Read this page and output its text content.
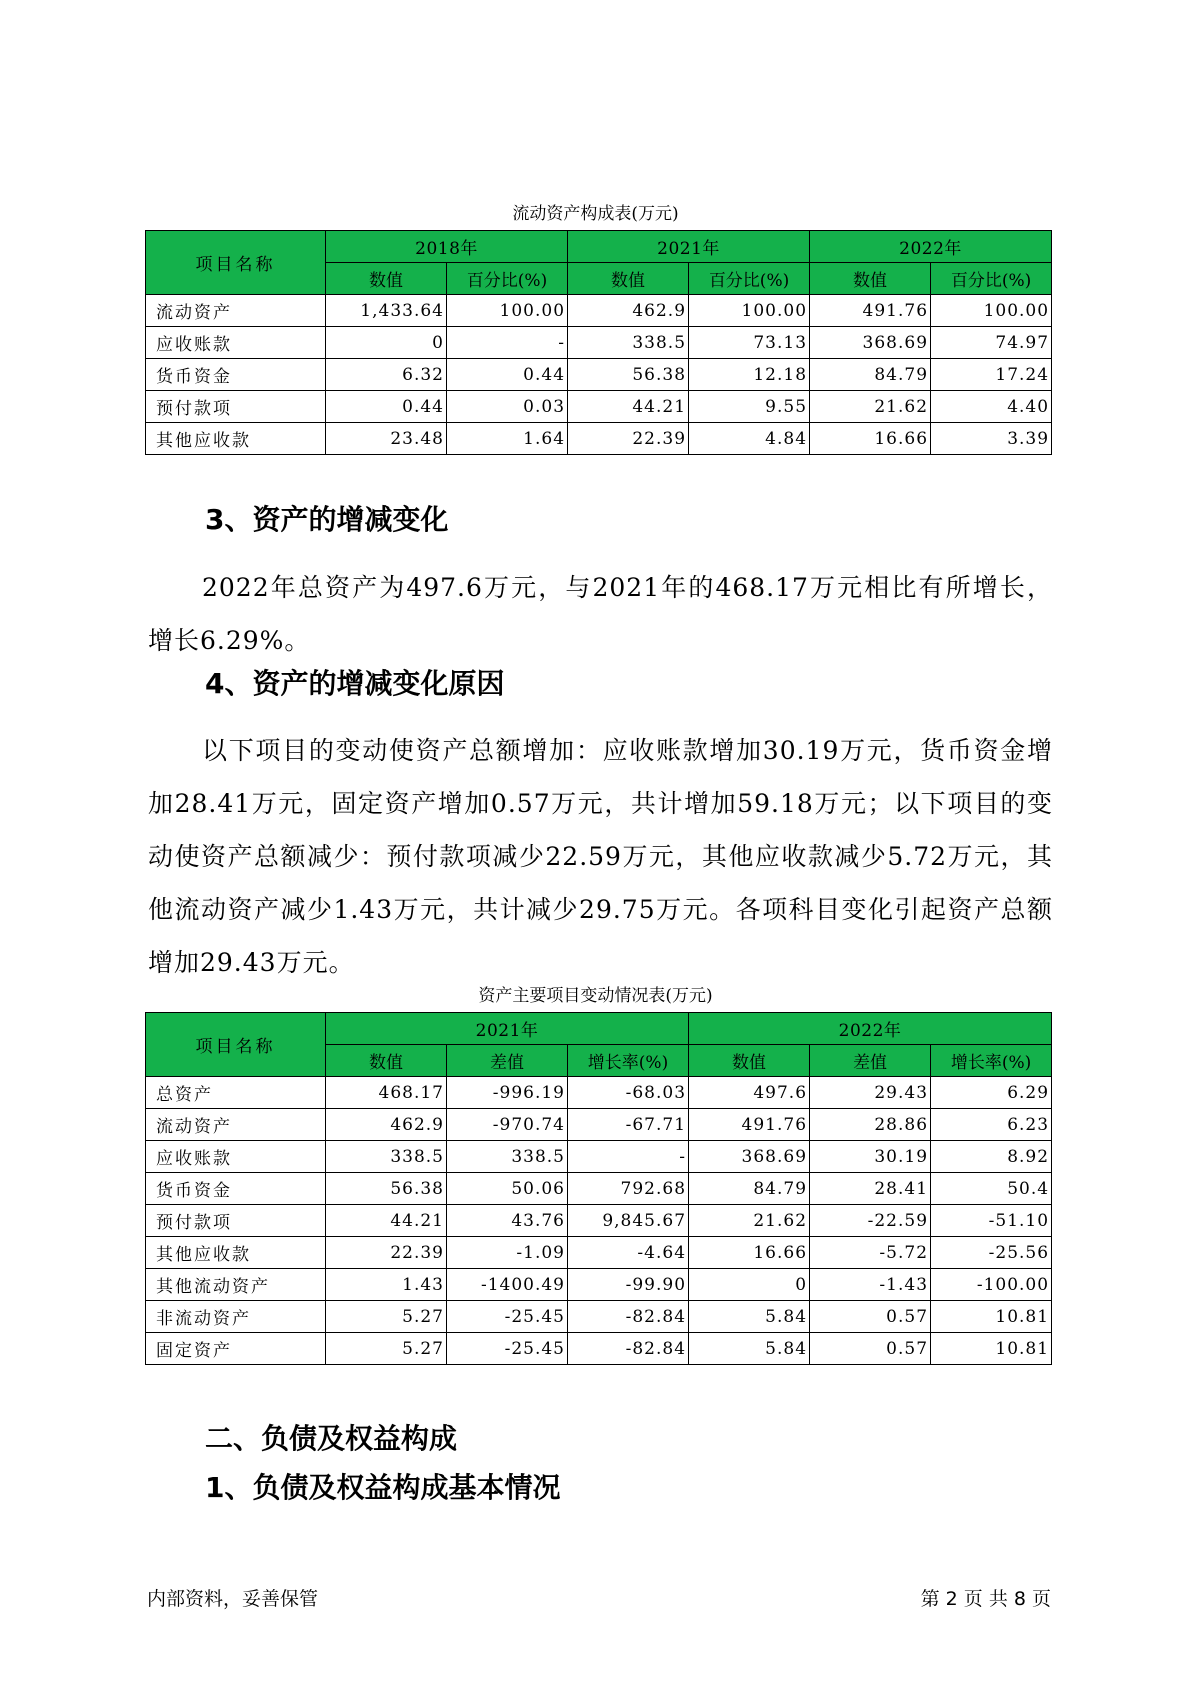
流动资产构成表(万元)
项目名称	2018年		2021年		2022年	
	数值	百分比(%)	数值	百分比(%)	数值	百分比(%)
流动资产	1,433.64	100.00	462.9	100.00	491.76	100.00
应收账款	0	-	338.5	73.13	368.69	74.97
货币资金	6.32	0.44	56.38	12.18	84.79	17.24
预付款项	0.44	0.03	44.21	9.55	21.62	4.40
其他应收款	23.48	1.64	22.39	4.84	16.66	3.39
3、资产的增减变化

2022年总资产为497.6万元，与2021年的468.17万元相比有所增长，增长6.29%。

4、资产的增减变化原因

以下项目的变动使资产总额增加：应收账款增加30.19万元，货币资金增加28.41万元，固定资产增加0.57万元，共计增加59.18万元；以下项目的变动使资产总额减少：预付款项减少22.59万元，其他应收款减少5.72万元，其他流动资产减少1.43万元，共计减少29.75万元。各项科目变化引起资产总额增加29.43万元。

资产主要项目变动情况表(万元)
项目名称	2021年			2022年		
	数值	差值	增长率(%)	数值	差值	增长率(%)
总资产	468.17	-996.19	-68.03	497.6	29.43	6.29
流动资产	462.9	-970.74	-67.71	491.76	28.86	6.23
应收账款	338.5	338.5	-	368.69	30.19	8.92
货币资金	56.38	50.06	792.68	84.79	28.41	50.4
预付款项	44.21	43.76	9,845.67	21.62	-22.59	-51.10
其他应收款	22.39	-1.09	-4.64	16.66	-5.72	-25.56
其他流动资产	1.43	-1400.49	-99.90	0	-1.43	-100.00
非流动资产	5.27	-25.45	-82.84	5.84	0.57	10.81
固定资产	5.27	-25.45	-82.84	5.84	0.57	10.81
二、负债及权益构成
1、负债及权益构成基本情况
内部资料，妥善保管	第 2 页 共 8 页
